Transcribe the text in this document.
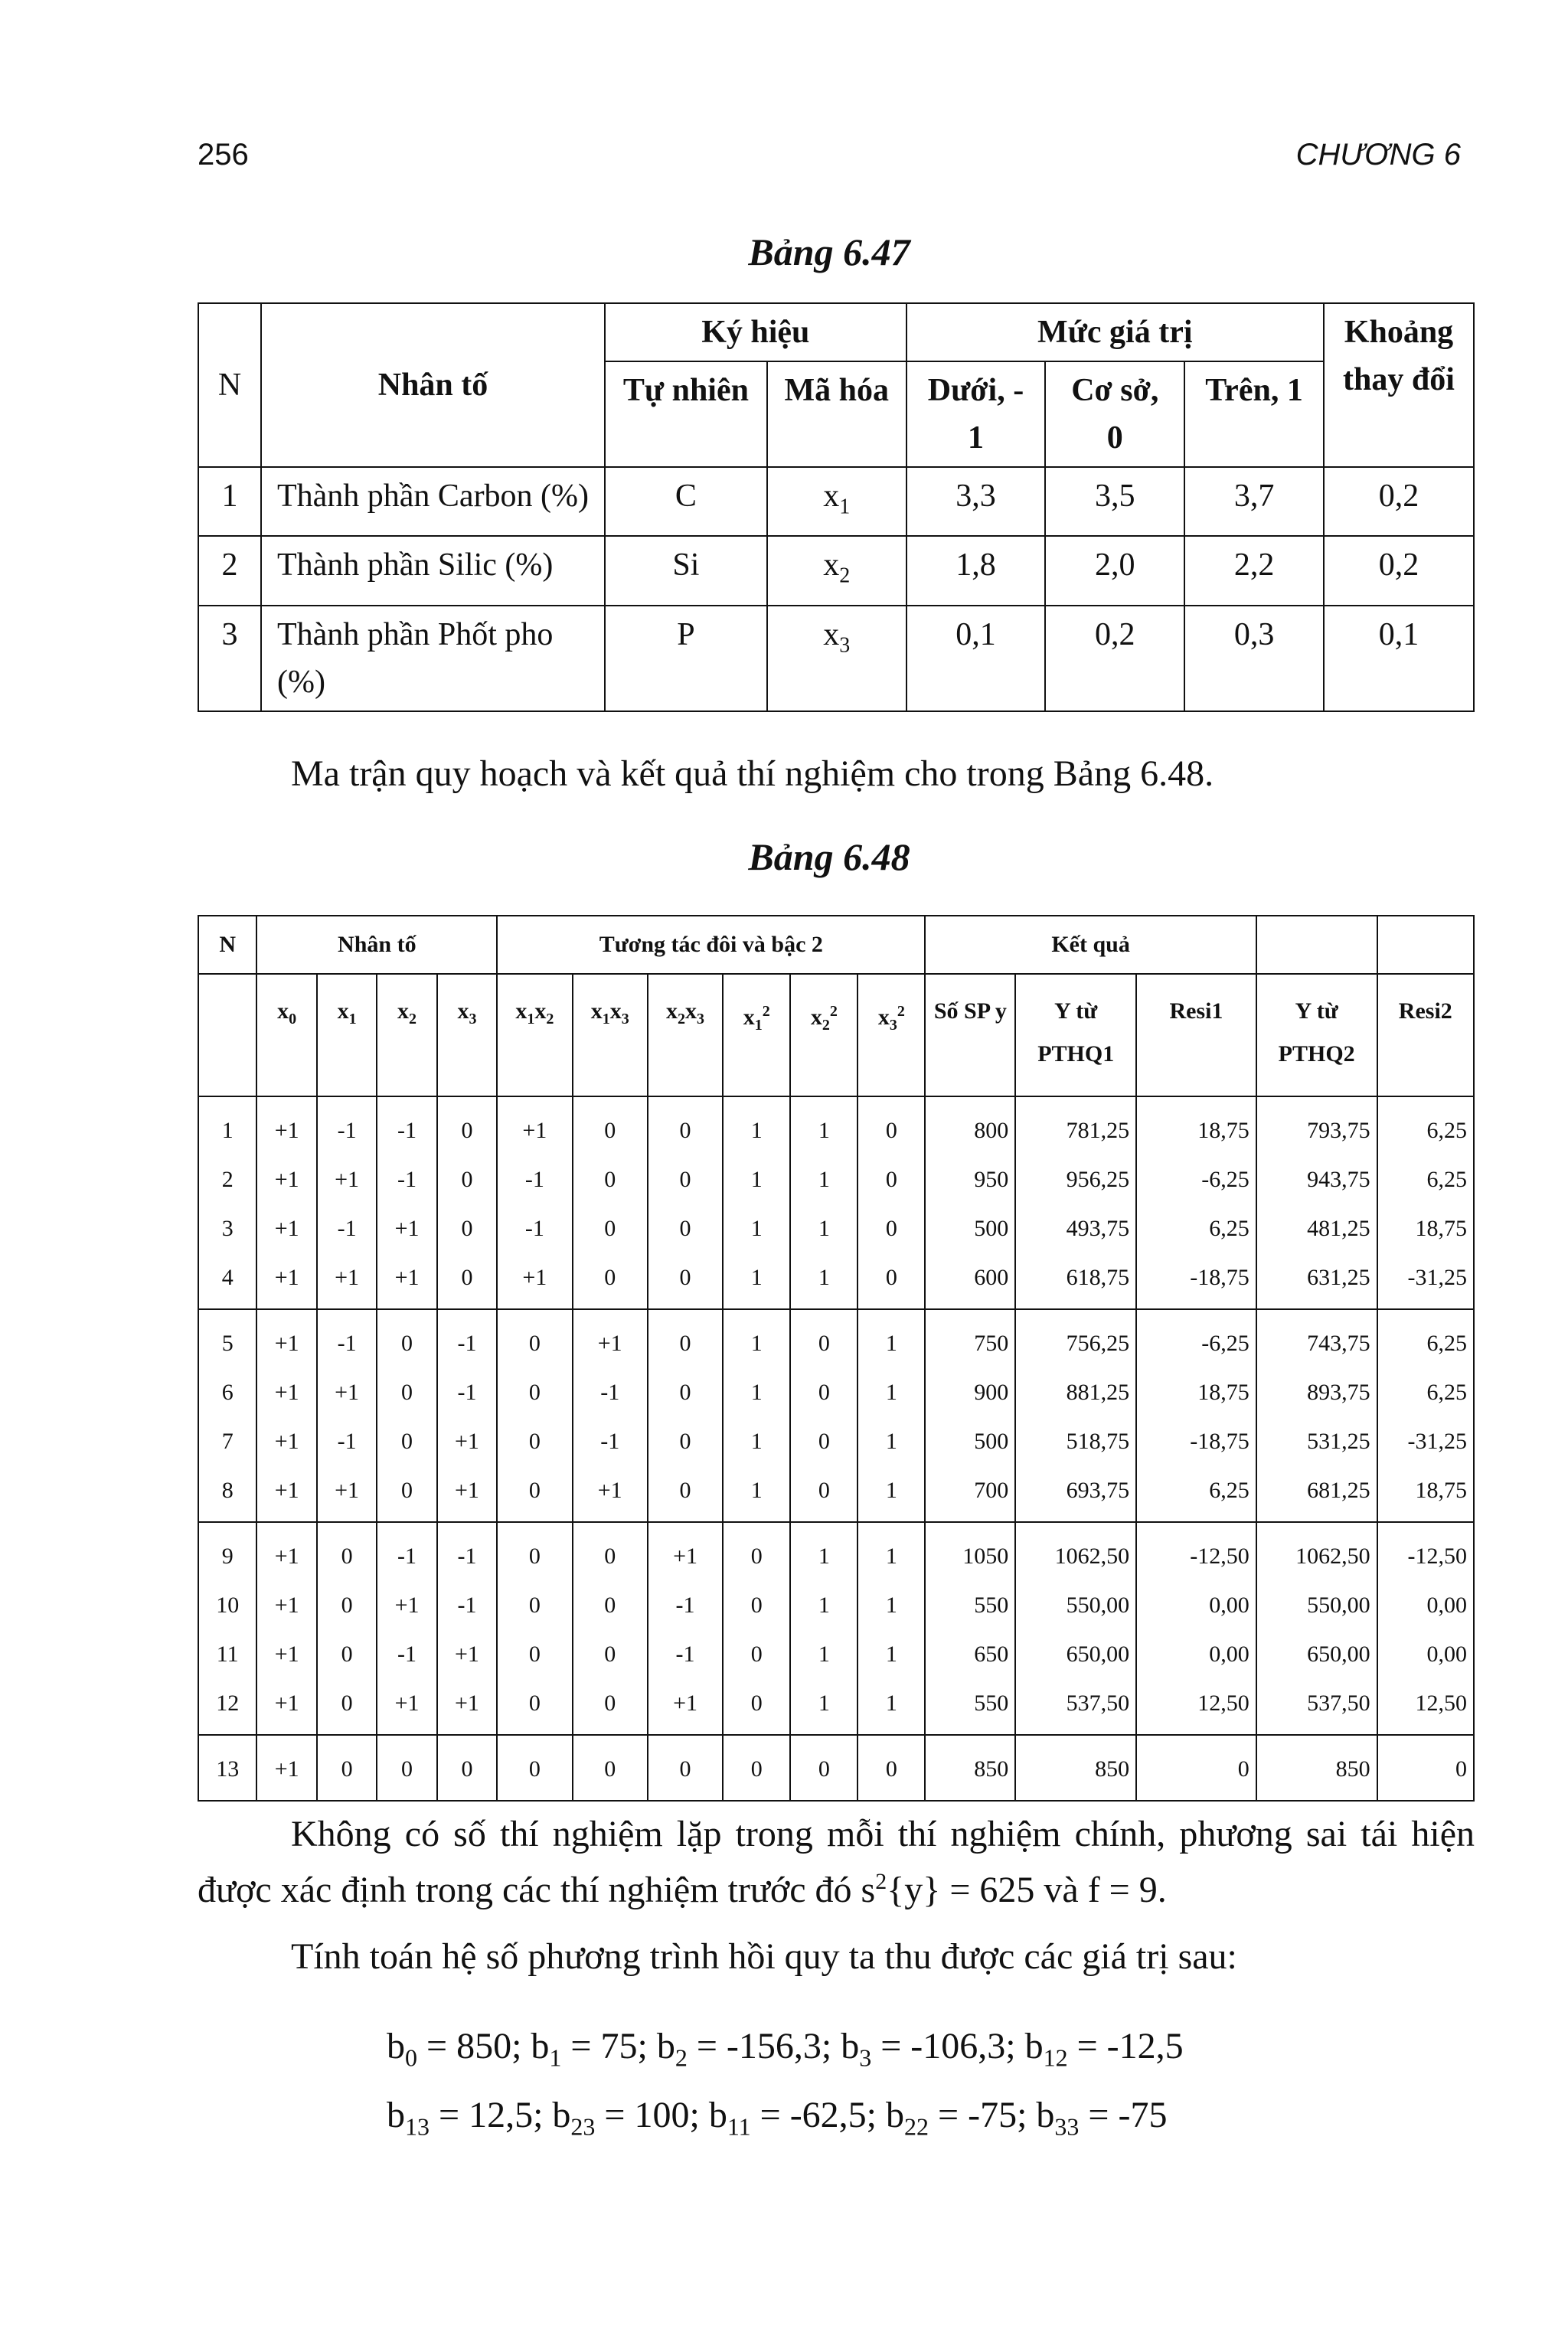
256	CHƯƠNG 6
Bảng 6.47
N	Nhân tố	Ký hiệu		Mức giá trị			Khoảng thay đổi
		Tự nhiên	Mã hóa	Dưới, - 1	Cơ sở, 0	Trên, 1	
1	Thành phần Carbon (%)	C	$x_1$	3,3	3,5	3,7	0,2
2	Thành phần Silic (%)	Si	$x_2$	1,8	2,0	2,2	0,2
3	Thành phần Phốt pho (%)	P	$x_3$	0,1	0,2	0,3	0,1
Ma trận quy hoạch và kết quả thí nghiệm cho trong Bảng 6.48.
Bảng 6.48
N	Nhân tố				Tương tác đôi và bậc 2						Kết quả				
	$x_0$	$x_1$	$x_2$	$x_3$	$x_1x_2$	$x_1x_3$	$x_2x_3$	$x_1^2$	$x_2^2$	$x_3^2$	Số SP y	Y từ PTHQ1	Resi1	Y từ PTHQ2	Resi2
1	+1	-1	-1	0	+1	0	0	1	1	0	800	781,25	18,75	793,75	6,25
2	+1	+1	-1	0	-1	0	0	1	1	0	950	956,25	-6,25	943,75	6,25
3	+1	-1	+1	0	-1	0	0	1	1	0	500	493,75	6,25	481,25	18,75
4	+1	+1	+1	0	+1	0	0	1	1	0	600	618,75	-18,75	631,25	-31,25
5	+1	-1	0	-1	0	+1	0	1	0	1	750	756,25	-6,25	743,75	6,25
6	+1	+1	0	-1	0	-1	0	1	0	1	900	881,25	18,75	893,75	6,25
7	+1	-1	0	+1	0	-1	0	1	0	1	500	518,75	-18,75	531,25	-31,25
8	+1	+1	0	+1	0	+1	0	1	0	1	700	693,75	6,25	681,25	18,75
9	+1	0	-1	-1	0	0	+1	0	1	1	1050	1062,50	-12,50	1062,50	-12,50
10	+1	0	+1	-1	0	0	-1	0	1	1	550	550,00	0,00	550,00	0,00
11	+1	0	-1	+1	0	0	-1	0	1	1	650	650,00	0,00	650,00	0,00
12	+1	0	+1	+1	0	0	+1	0	1	1	550	537,50	12,50	537,50	12,50
13	+1	0	0	0	0	0	0	0	0	0	850	850	0	850	0
Không có số thí nghiệm lặp trong mỗi thí nghiệm chính, phương sai tái hiện được xác định trong các thí nghiệm trước đó $s^2\{y\} = 625$ và f = 9.
Tính toán hệ số phương trình hồi quy ta thu được các giá trị sau:
$b_0 = 850$; $b_1 = 75$; $b_2 = -156,3$; $b_3 = -106,3$; $b_{12} = -12,5$
$b_{13} = 12,5$; $b_{23} = 100$; $b_{11} = -62,5$; $b_{22} = -75$; $b_{33} = -75$
